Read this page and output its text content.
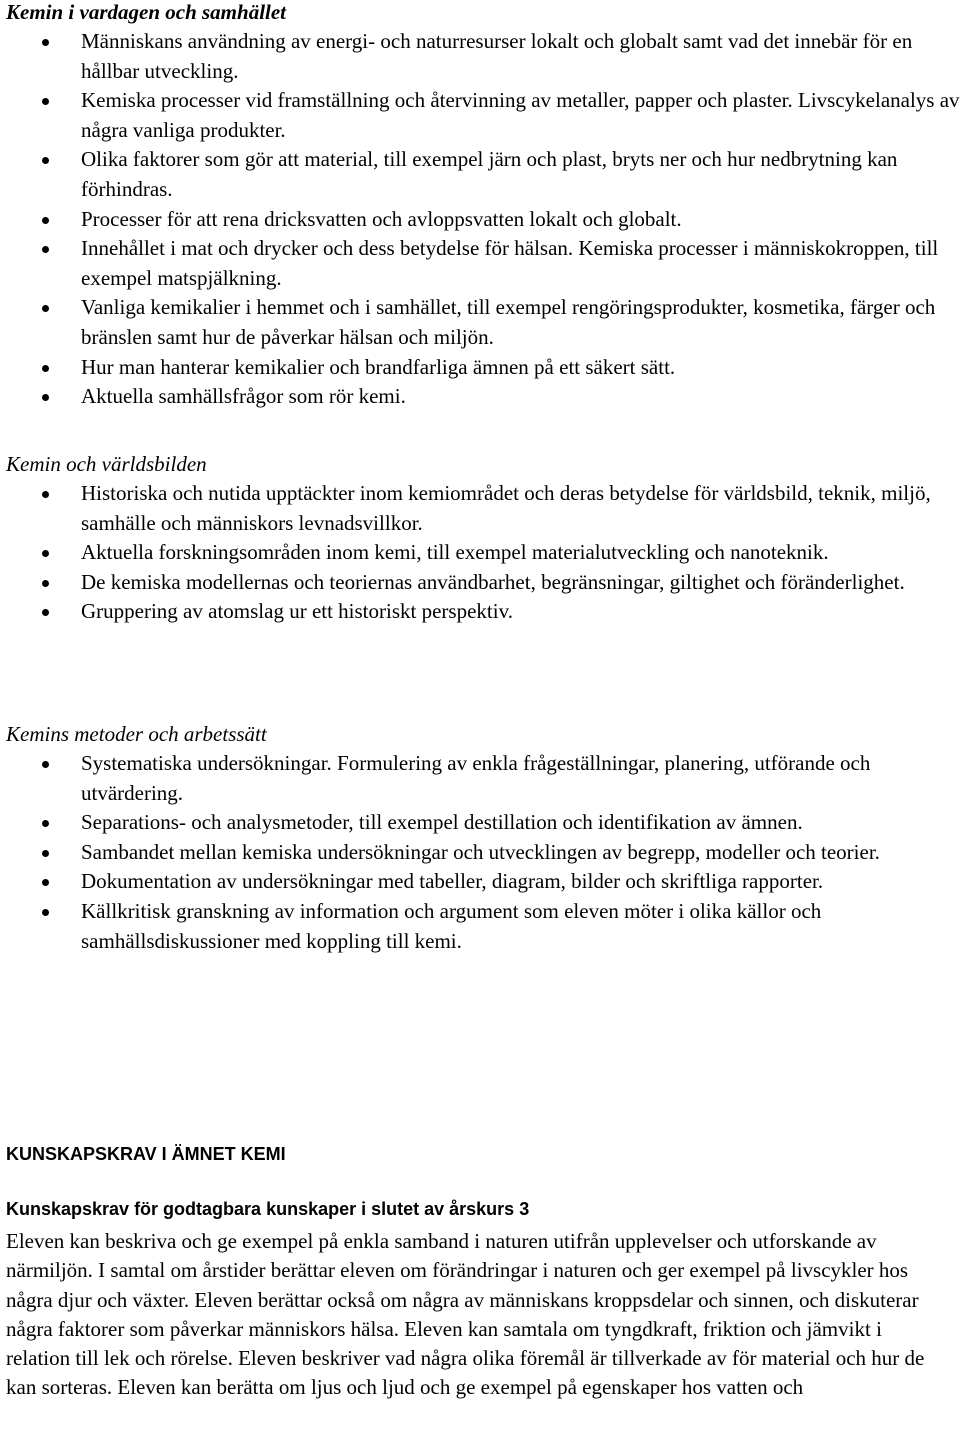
Kemin i vardagen och samhället
Människans användning av energi- och naturresurser lokalt och globalt samt vad det innebär för en hållbar utveckling.
Kemiska processer vid framställning och återvinning av metaller, papper och plaster. Livscykelanalys av några vanliga produkter.
Olika faktorer som gör att material, till exempel järn och plast, bryts ner och hur nedbrytning kan förhindras.
Processer för att rena dricksvatten och avloppsvatten lokalt och globalt.
Innehållet i mat och drycker och dess betydelse för hälsan. Kemiska processer i människokroppen, till exempel matspjälkning.
Vanliga kemikalier i hemmet och i samhället, till exempel rengöringsprodukter, kosmetika, färger och bränslen samt hur de påverkar hälsan och miljön.
Hur man hanterar kemikalier och brandfarliga ämnen på ett säkert sätt.
Aktuella samhällsfrågor som rör kemi.
Kemin och världsbilden
Historiska och nutida upptäckter inom kemiområdet och deras betydelse för världsbild, teknik, miljö, samhälle och människors levnadsvillkor.
Aktuella forskningsområden inom kemi, till exempel materialutveckling och nanoteknik.
De kemiska modellernas och teoriernas användbarhet, begränsningar, giltighet och föränderlighet.
Gruppering av atomslag ur ett historiskt perspektiv.
Kemins metoder och arbetssätt
Systematiska undersökningar. Formulering av enkla frågeställningar, planering, utförande och utvärdering.
Separations- och analysmetoder, till exempel destillation och identifikation av ämnen.
Sambandet mellan kemiska undersökningar och utvecklingen av begrepp, modeller och teorier.
Dokumentation av undersökningar med tabeller, diagram, bilder och skriftliga rapporter.
Källkritisk granskning av information och argument som eleven möter i olika källor och samhällsdiskussioner med koppling till kemi.
KUNSKAPSKRAV I ÄMNET KEMI
Kunskapskrav för godtagbara kunskaper i slutet av årskurs 3

Eleven kan beskriva och ge exempel på enkla samband i naturen utifrån upplevelser och utforskande av närmiljön. I samtal om årstider berättar eleven om förändringar i naturen och ger exempel på livscykler hos några djur och växter. Eleven berättar också om några av människans kroppsdelar och sinnen, och diskuterar några faktorer som påverkar människors hälsa. Eleven kan samtala om tyngdkraft, friktion och jämvikt i relation till lek och rörelse. Eleven beskriver vad några olika föremål är tillverkade av för material och hur de kan sorteras. Eleven kan berätta om ljus och ljud och ge exempel på egenskaper hos vatten och
